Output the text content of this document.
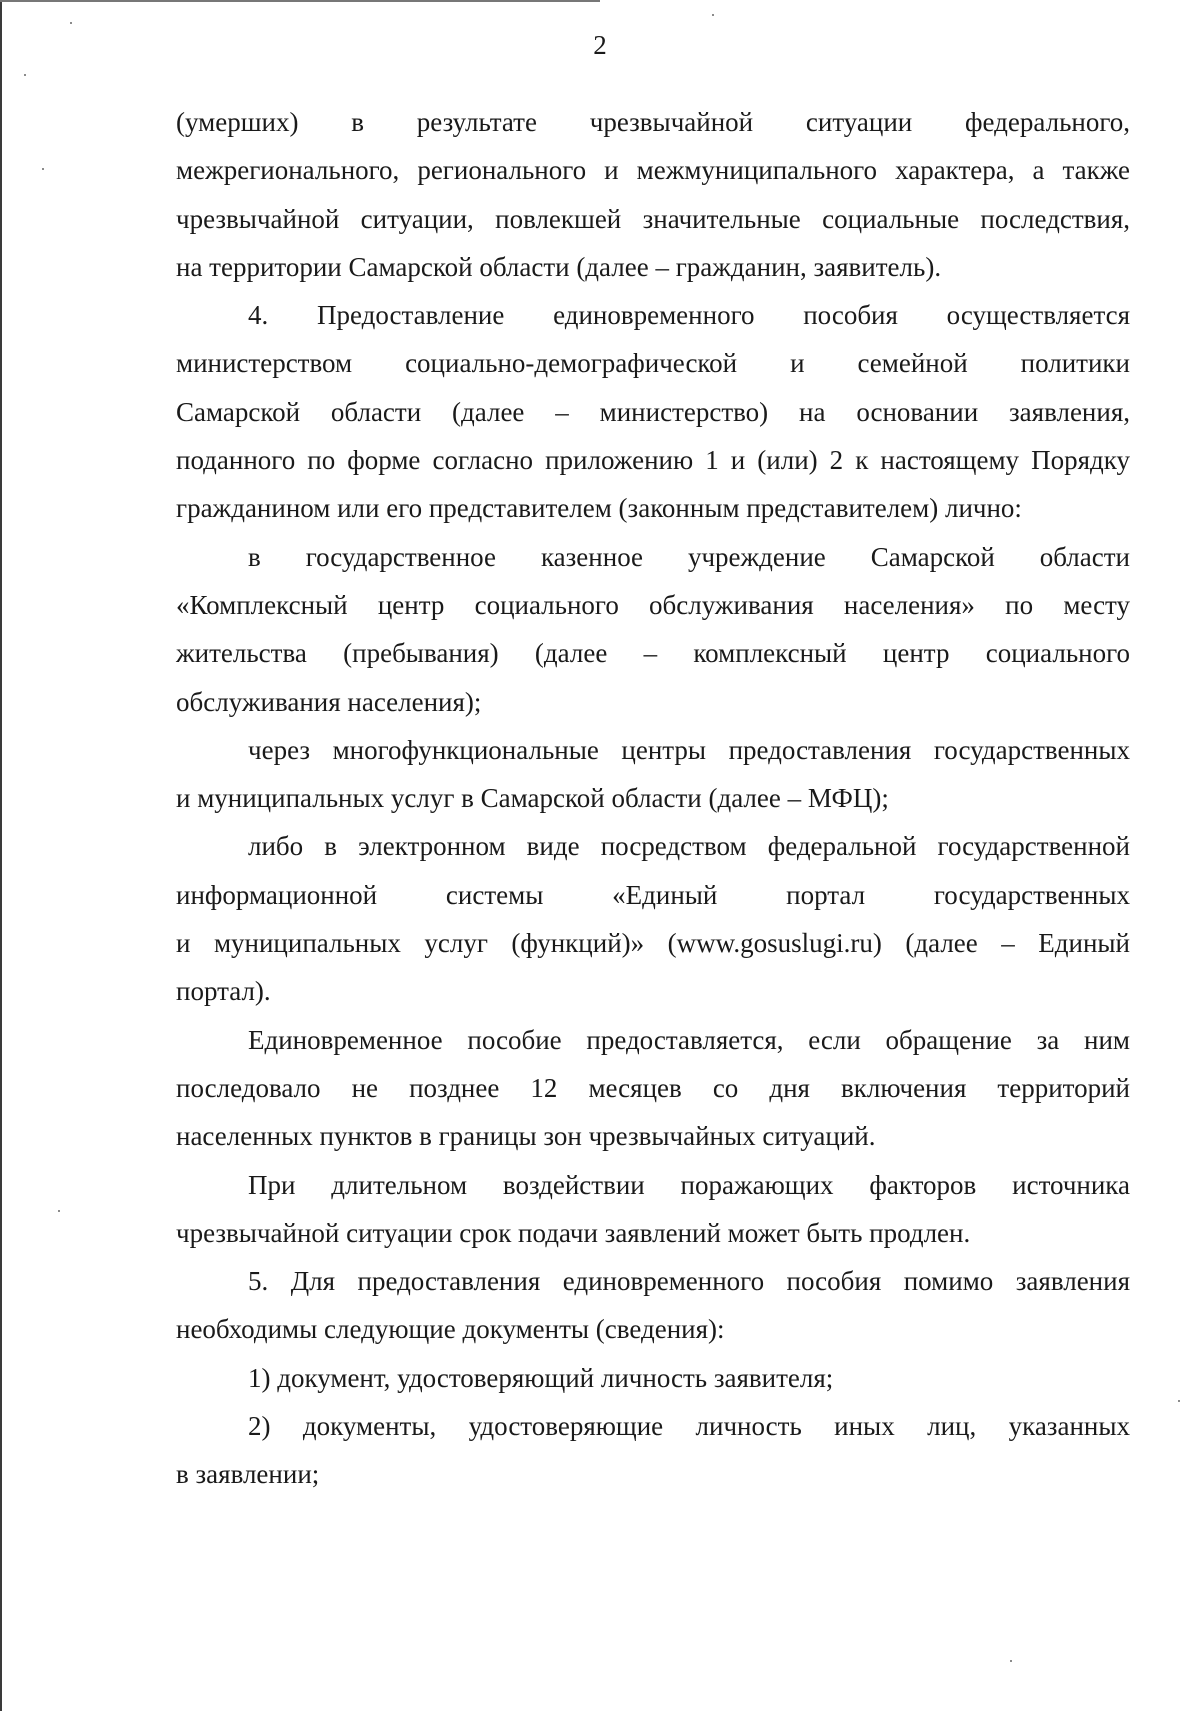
2

(умерших) в результате чрезвычайной ситуации федерального,
межрегионального, регионального и межмуниципального характера, а также
чрезвычайной ситуации, повлекшей значительные социальные последствия,
на территории Самарской области (далее – гражданин, заявитель).

4. Предоставление единовременного пособия осуществляется
министерством социально-демографической и семейной политики
Самарской области (далее – министерство) на основании заявления,
поданного по форме согласно приложению 1 и (или) 2 к настоящему Порядку
гражданином или его представителем (законным представителем) лично:

в государственное казенное учреждение Самарской области
«Комплексный центр социального обслуживания населения» по месту
жительства (пребывания) (далее – комплексный центр социального
обслуживания населения);

через многофункциональные центры предоставления государственных
и муниципальных услуг в Самарской области (далее – МФЦ);

либо в электронном виде посредством федеральной государственной
информационной системы «Единый портал государственных
и муниципальных услуг (функций)» (www.gosuslugi.ru) (далее – Единый
портал).

Единовременное пособие предоставляется, если обращение за ним
последовало не позднее 12 месяцев со дня включения территорий
населенных пунктов в границы зон чрезвычайных ситуаций.

При длительном воздействии поражающих факторов источника
чрезвычайной ситуации срок подачи заявлений может быть продлен.

5. Для предоставления единовременного пособия помимо заявления
необходимы следующие документы (сведения):

1) документ, удостоверяющий личность заявителя;

2) документы, удостоверяющие личность иных лиц, указанных
в заявлении;
